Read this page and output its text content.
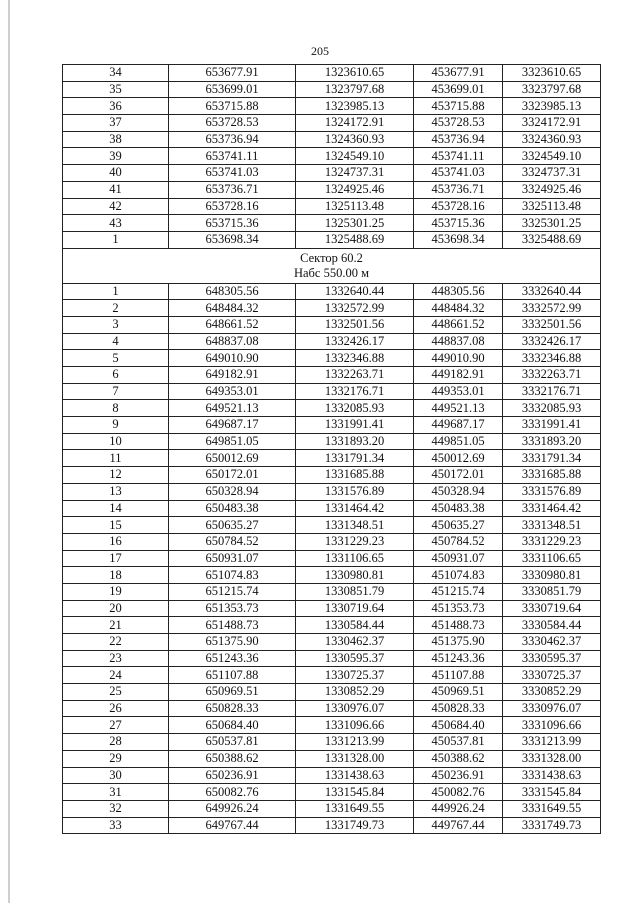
205
34	653677.91	1323610.65	453677.91	3323610.65
35	653699.01	1323797.68	453699.01	3323797.68
36	653715.88	1323985.13	453715.88	3323985.13
37	653728.53	1324172.91	453728.53	3324172.91
38	653736.94	1324360.93	453736.94	3324360.93
39	653741.11	1324549.10	453741.11	3324549.10
40	653741.03	1324737.31	453741.03	3324737.31
41	653736.71	1324925.46	453736.71	3324925.46
42	653728.16	1325113.48	453728.16	3325113.48
43	653715.36	1325301.25	453715.36	3325301.25
1	653698.34	1325488.69	453698.34	3325488.69

Сектор 60.2
Набс 550.00 м				

1	648305.56	1332640.44	448305.56	3332640.44
2	648484.32	1332572.99	448484.32	3332572.99
3	648661.52	1332501.56	448661.52	3332501.56
4	648837.08	1332426.17	448837.08	3332426.17
5	649010.90	1332346.88	449010.90	3332346.88
6	649182.91	1332263.71	449182.91	3332263.71
7	649353.01	1332176.71	449353.01	3332176.71
8	649521.13	1332085.93	449521.13	3332085.93
9	649687.17	1331991.41	449687.17	3331991.41
10	649851.05	1331893.20	449851.05	3331893.20
11	650012.69	1331791.34	450012.69	3331791.34
12	650172.01	1331685.88	450172.01	3331685.88
13	650328.94	1331576.89	450328.94	3331576.89
14	650483.38	1331464.42	450483.38	3331464.42
15	650635.27	1331348.51	450635.27	3331348.51
16	650784.52	1331229.23	450784.52	3331229.23
17	650931.07	1331106.65	450931.07	3331106.65
18	651074.83	1330980.81	451074.83	3330980.81
19	651215.74	1330851.79	451215.74	3330851.79
20	651353.73	1330719.64	451353.73	3330719.64
21	651488.73	1330584.44	451488.73	3330584.44
22	651375.90	1330462.37	451375.90	3330462.37
23	651243.36	1330595.37	451243.36	3330595.37
24	651107.88	1330725.37	451107.88	3330725.37
25	650969.51	1330852.29	450969.51	3330852.29
26	650828.33	1330976.07	450828.33	3330976.07
27	650684.40	1331096.66	450684.40	3331096.66
28	650537.81	1331213.99	450537.81	3331213.99
29	650388.62	1331328.00	450388.62	3331328.00
30	650236.91	1331438.63	450236.91	3331438.63
31	650082.76	1331545.84	450082.76	3331545.84
32	649926.24	1331649.55	449926.24	3331649.55
33	649767.44	1331749.73	449767.44	3331749.73
